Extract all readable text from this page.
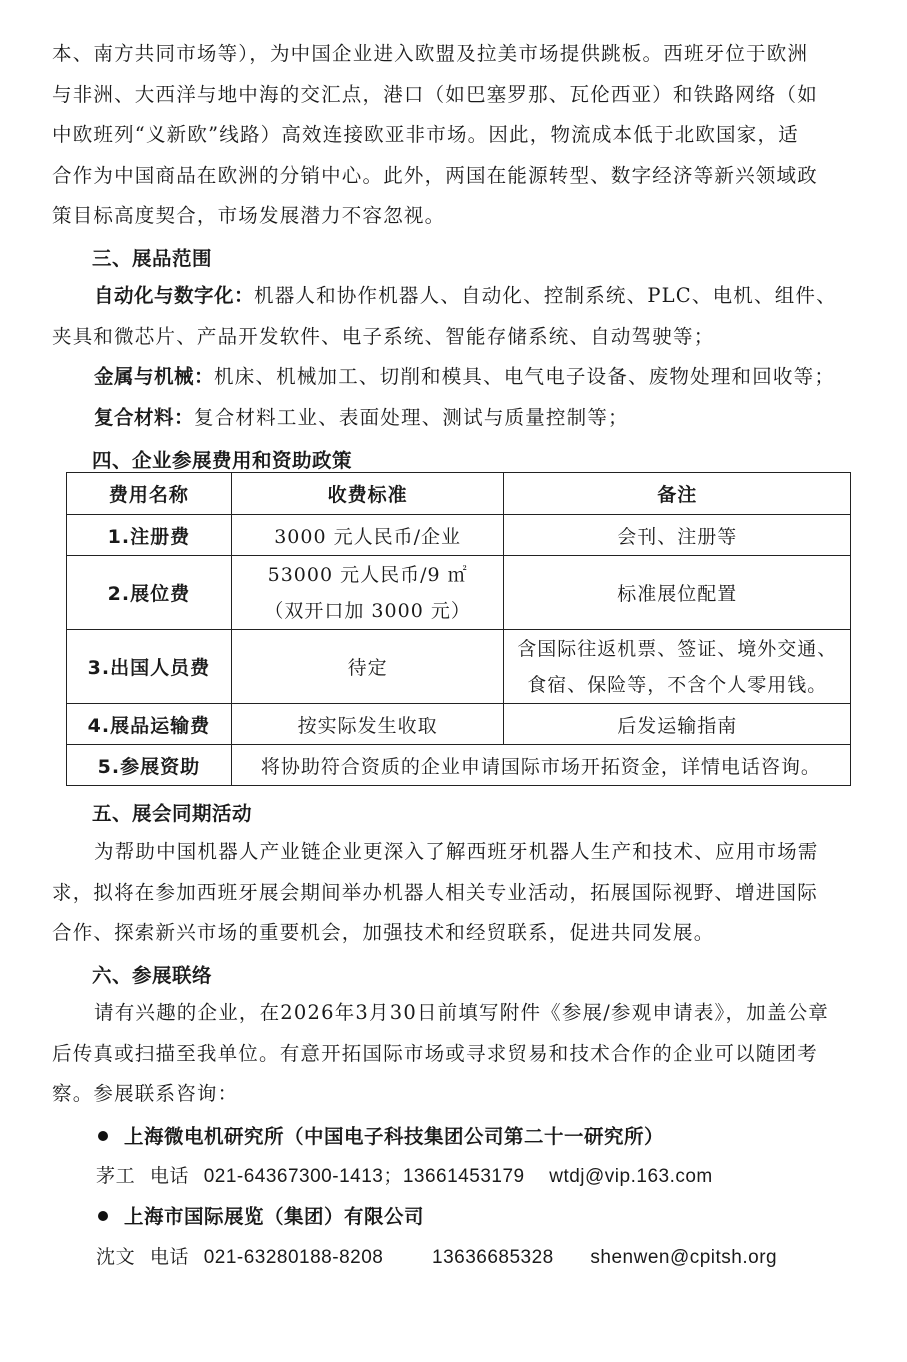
本、南方共同市场等），为中国企业进入欧盟及拉美市场提供跳板。西班牙位于欧洲
与非洲、大西洋与地中海的交汇点，港口（如巴塞罗那、瓦伦西亚）和铁路网络（如
中欧班列“义新欧”线路）高效连接欧亚非市场。因此，物流成本低于北欧国家，适
合作为中国商品在欧洲的分销中心。此外，两国在能源转型、数字经济等新兴领域政
策目标高度契合，市场发展潜力不容忽视。
三、展品范围
自动化与数字化：机器人和协作机器人、自动化、控制系统、PLC、电机、组件、
夹具和微芯片、产品开发软件、电子系统、智能存储系统、自动驾驶等；
金属与机械：机床、机械加工、切削和模具、电气电子设备、废物处理和回收等；
复合材料：复合材料工业、表面处理、测试与质量控制等；
四、企业参展费用和资助政策
费用名称	收费标准	备注
1.注册费	3000 元人民币/企业	会刊、注册等
2.展位费	53000 元人民币/9 ㎡
（双开口加 3000 元）	标准展位配置
3.出国人员费	待定	含国际往返机票、签证、境外交通、
食宿、保险等，不含个人零用钱。

4.展品运输费	按实际发生收取	后发运输指南
5.参展资助	将协助符合资质的企业申请国际市场开拓资金，详情电话咨询。	
五、展会同期活动
为帮助中国机器人产业链企业更深入了解西班牙机器人生产和技术、应用市场需
求，拟将在参加西班牙展会期间举办机器人相关专业活动，拓展国际视野、增进国际
合作、探索新兴市场的重要机会，加强技术和经贸联系，促进共同发展。
六、参展联络
请有兴趣的企业，在2026年3月30日前填写附件《参展/参观申请表》，加盖公章
后传真或扫描至我单位。有意开拓国际市场或寻求贸易和技术合作的企业可以随团考
察。参展联系咨询：
上海微电机研究所（中国电子科技集团公司第二十一研究所）
茅工 电话 021-64367300-1413；13661453179 wtdj@vip.163.com
上海市国际展览（集团）有限公司
沈文 电话 021-63280188-8208	13636685328 shenwen@cpitsh.org
